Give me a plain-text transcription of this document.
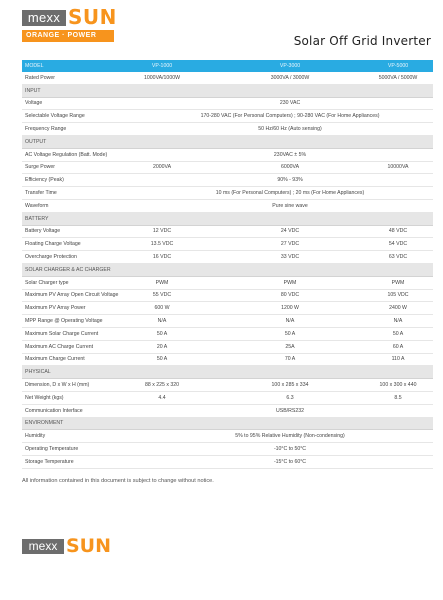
mexx SUN
ORANGE · POWER	Solar Off Grid Inverter
MODEL	VP-1000	VP-3000	VP-5000
Rated Power	1000VA/1000W	3000VA / 3000W	5000VA / 5000W
INPUT
Voltage	230 VAC
Selectable Voltage Range	170-280 VAC (For Personal Computers) ; 90-280 VAC (For Home Appliances)
Frequency Range	50 Hz/60 Hz (Auto sensing)
OUTPUT
AC Voltage Regulation (Batt. Mode)	230VAC ± 5%
Surge Power	2000VA	6000VA	10000VA
Efficiency (Peak)	90% - 93%
Transfer Time	10 ms (For Personal Computers) ; 20 ms (For Home Appliances)
Waveform	Pure sine wave
BATTERY
Battery Voltage	12 VDC	24 VDC	48 VDC
Floating Charge Voltage	13.5 VDC	27 VDC	54 VDC
Overcharge Protection	16 VDC	33 VDC	63 VDC
SOLAR CHARGER & AC CHARGER
Solar Charger type	PWM	PWM	PWM
Maximum PV Array Open Circuit Voltage	55 VDC	80 VDC	105 VDC
Maximum PV Array Power	600 W	1200 W	2400 W
MPP Range @ Operating Voltage	N/A	N/A	N/A
Maximum Solar Charge Current	50 A	50 A	50 A
Maximum AC Charge Current	20 A	25A	60 A
Maximum Charge Current	50 A	70 A	110 A
PHYSICAL
Dimension, D x W x H (mm)	88 x 225 x 320	100 x 285 x 334	100 x 300 x 440
Net Weight (kgs)	4.4	6.3	8.5
Communication Interface	USB/RS232
ENVIRONMENT
Humidity	5% to 95% Relative Humidity (Non-condensing)
Operating Temperature	-10°C to 50°C
Storage Temperature	-15°C to 60°C
All information contained in this document is subject to change without notice.
mexx SUN
